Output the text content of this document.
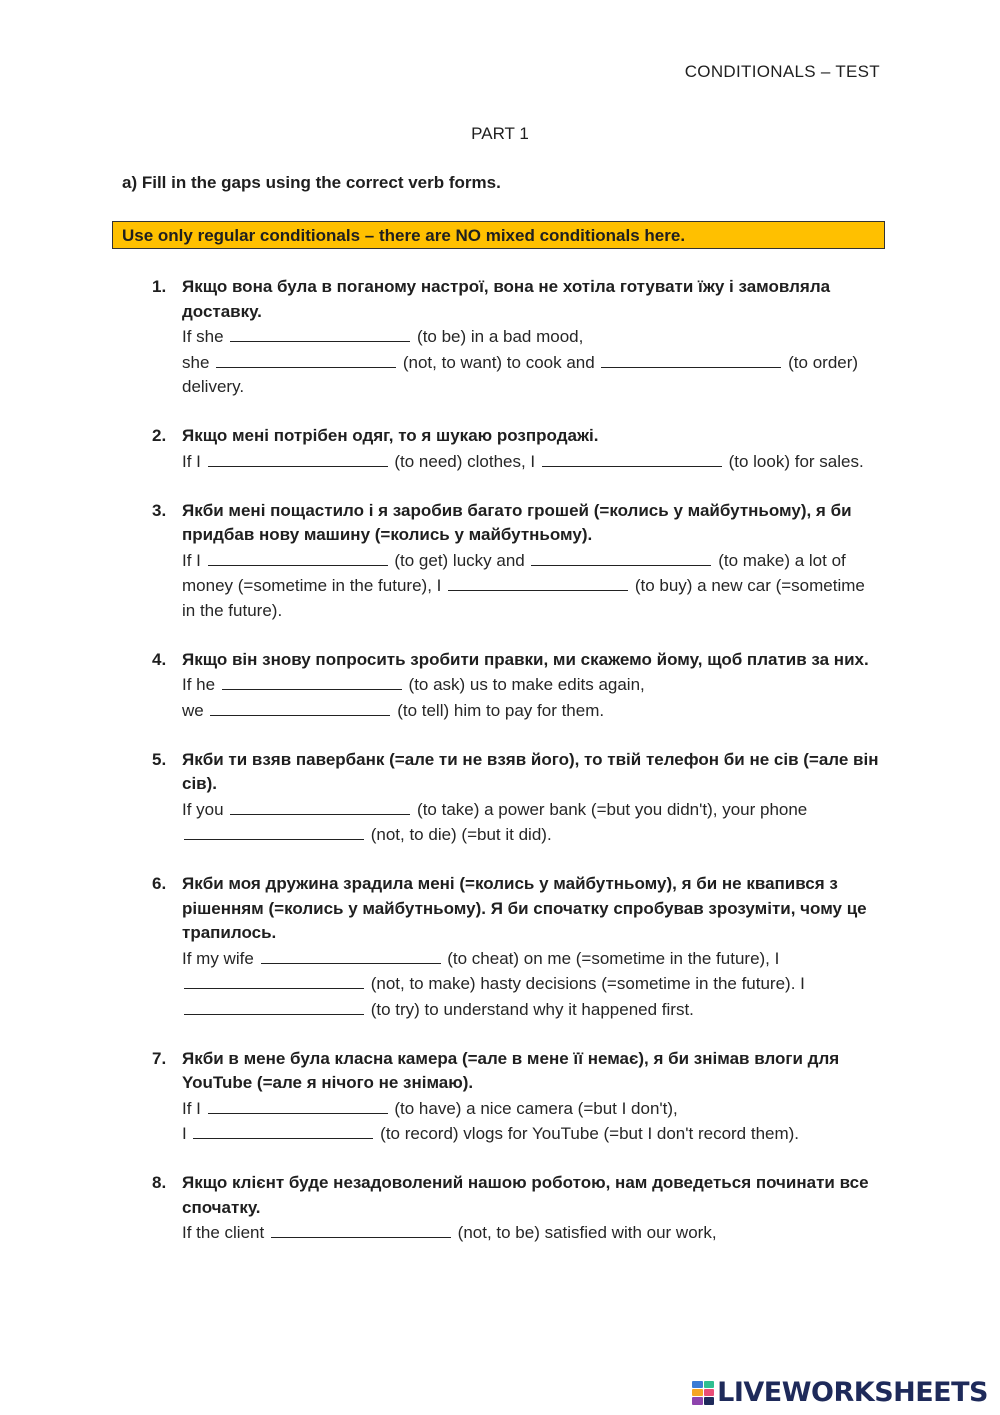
CONDITIONALS – TEST
PART 1
a) Fill in the gaps using the correct verb forms.
Use only regular conditionals – there are NO mixed conditionals here.
1. Якщо вона була в поганому настрої, вона не хотіла готувати їжу і замовляла доставку.
If she	(to be) in a bad mood,
she	(not, to want) to cook and	(to order) delivery.
2. Якщо мені потрібен одяг, то я шукаю розпродажі.
If I	(to need) clothes, I	(to look) for sales.
3. Якби мені пощастило і я заробив багато грошей (=колись у майбутньому), я би придбав нову машину (=колись у майбутньому).
If I	(to get) lucky and	(to make) a lot of money (=sometime in the future), I	(to buy) a new car (=sometime in the future).
4. Якщо він знову попросить зробити правки, ми скажемо йому, щоб платив за них.
If he	(to ask) us to make edits again,
we	(to tell) him to pay for them.
5. Якби ти взяв павербанк (=але ти не взяв його), то твій телефон би не сів (=але він сів).
If you	(to take) a power bank (=but you didn't), your phone  (not, to die) (=but it did).
6. Якби моя дружина зрадила мені (=колись у майбутньому), я би не квапився з рішенням (=колись у майбутньому). Я би спочатку спробував зрозуміти, чому це трапилось.
If my wife	(to cheat) on me (=sometime in the future), I  (not, to make) hasty decisions (=sometime in the future). I  (to try) to understand why it happened first.
7. Якби в мене була класна камера (=але в мене її немає), я би знімав влоги для YouTube (=але я нічого не знімаю).
If I	(to have) a nice camera (=but I don't),
I	(to record) vlogs for YouTube (=but I don't record them).
8. Якщо клієнт буде незадоволений нашою роботою, нам доведеться починати все спочатку.
If the client	(not, to be) satisfied with our work,
LIVEWORKSHEETS
